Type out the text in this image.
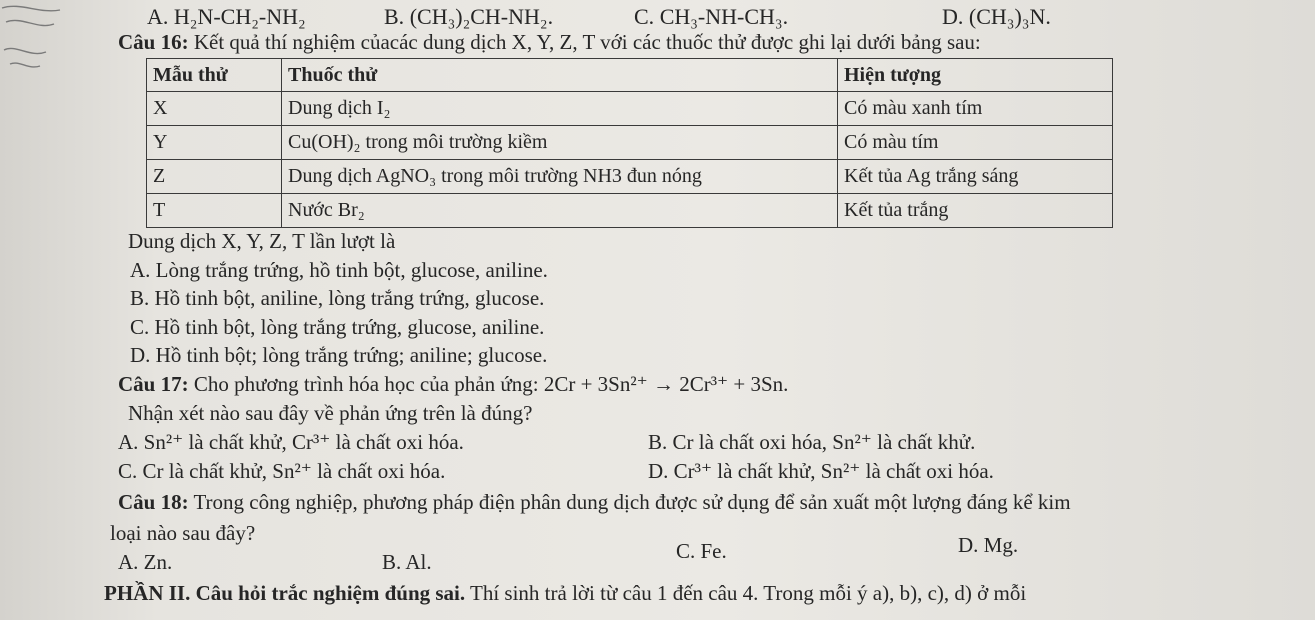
A. H₂N-CH₂-NH₂	B. (CH₃)₂CH-NH₂.	C. CH₃-NH-CH₃.	D. (CH₃)₃N.
Câu 16: Kết quả thí nghiệm củacác dung dịch X, Y, Z, T với các thuốc thử được ghi lại dưới bảng sau:
Mẫu thử	Thuốc thử	Hiện tượng
X	Dung dịch I₂	Có màu xanh tím
Y	Cu(OH)₂ trong môi trường kiềm	Có màu tím
Z	Dung dịch AgNO₃ trong môi trường NH3 đun nóng	Kết tủa Ag trắng sáng
T	Nước Br₂	Kết tủa trắng
Dung dịch X, Y, Z, T lần lượt là
A. Lòng trắng trứng, hồ tinh bột, glucose, aniline.
B. Hồ tinh bột, aniline, lòng trắng trứng, glucose.
C. Hồ tinh bột, lòng trắng trứng, glucose, aniline.
D. Hồ tinh bột; lòng trắng trứng; aniline; glucose.
Câu 17: Cho phương trình hóa học của phản ứng: 2Cr + 3Sn²⁺ → 2Cr³⁺ + 3Sn.
Nhận xét nào sau đây về phản ứng trên là đúng?
A. Sn²⁺ là chất khử, Cr³⁺ là chất oxi hóa.	B. Cr là chất oxi hóa, Sn²⁺ là chất khử.
C. Cr là chất khử, Sn²⁺ là chất oxi hóa.	D. Cr³⁺ là chất khử, Sn²⁺ là chất oxi hóa.
Câu 18: Trong công nghiệp, phương pháp điện phân dung dịch được sử dụng để sản xuất một lượng đáng kể kim
loại nào sau đây?
A. Zn.	B. Al.	C. Fe.	D. Mg.
PHẦN II. Câu hỏi trắc nghiệm đúng sai. Thí sinh trả lời từ câu 1 đến câu 4. Trong mỗi ý a), b), c), d) ở mỗi
